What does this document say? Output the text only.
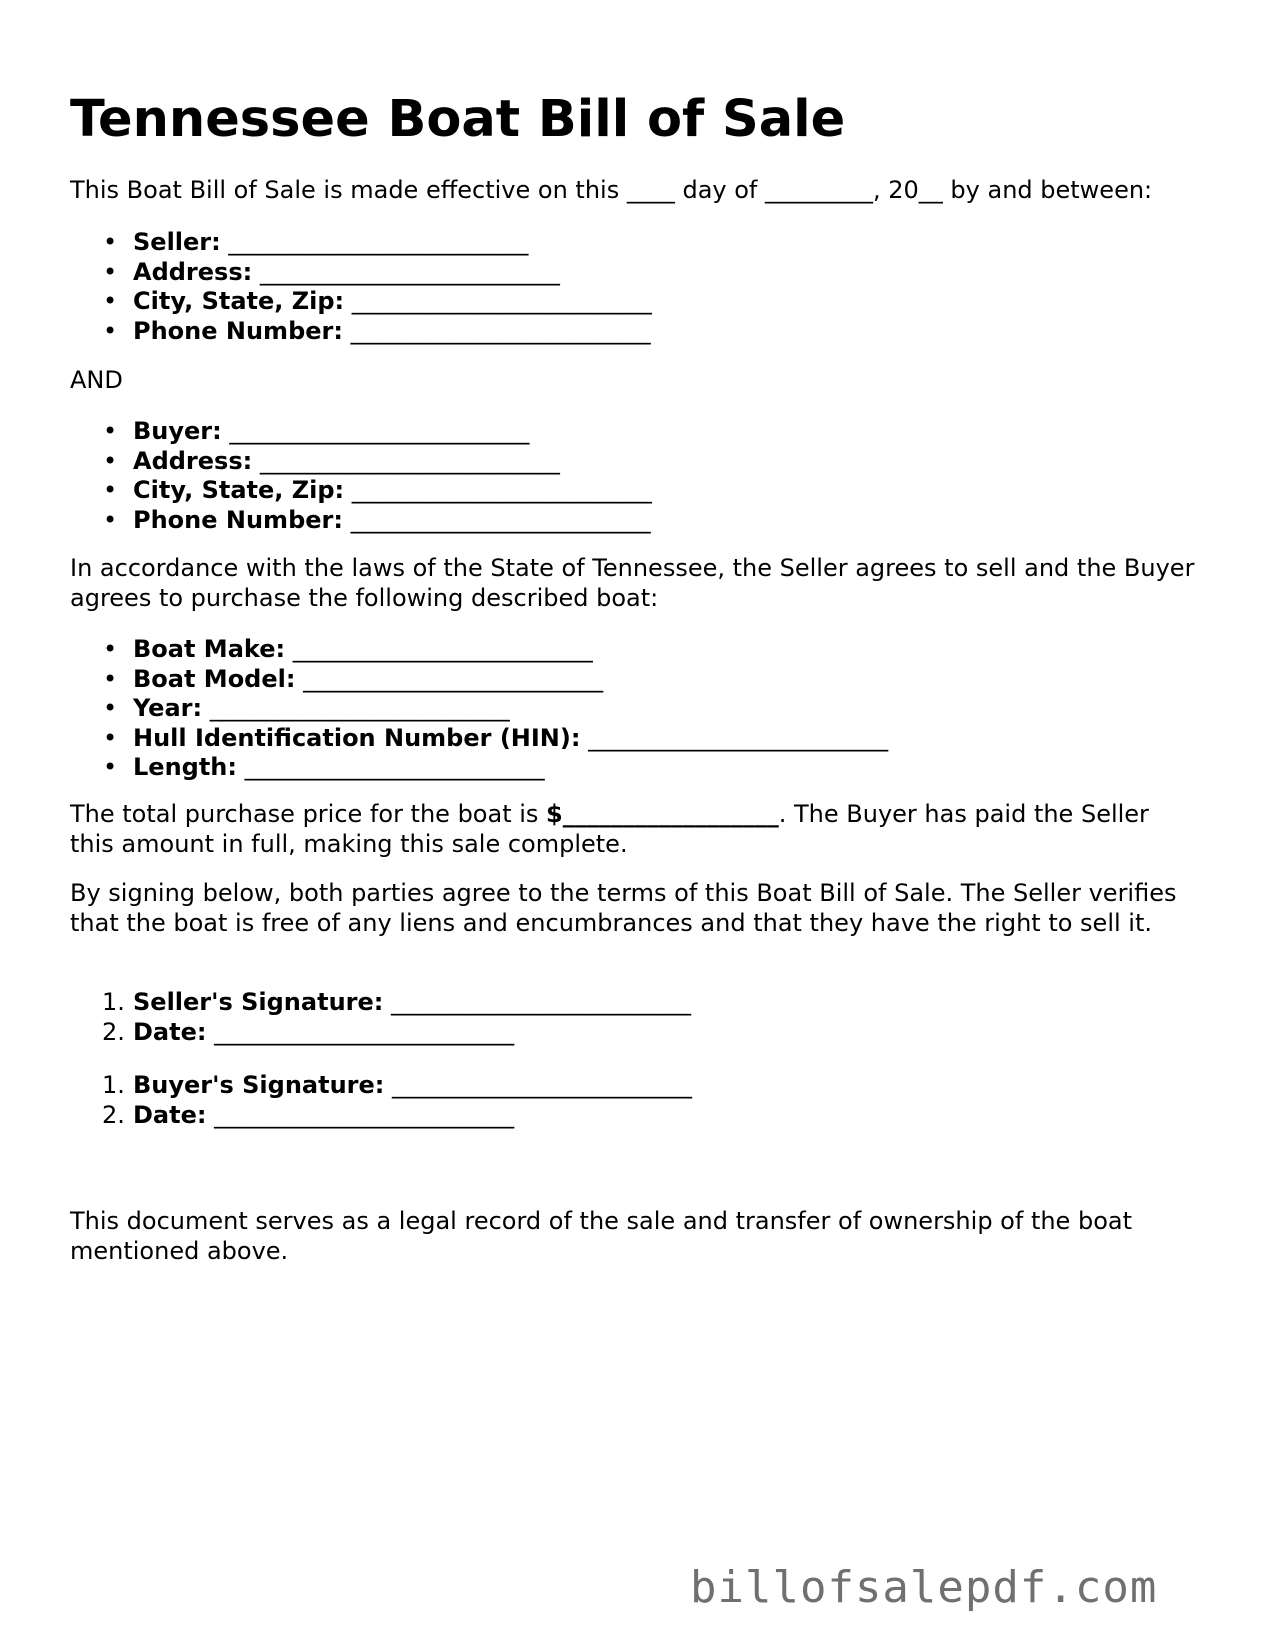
Tennessee Boat Bill of Sale

This Boat Bill of Sale is made effective on this ____ day of _________, 20__ by and between:

• Seller: _________________________
• Address: _________________________
• City, State, Zip: _________________________
• Phone Number: _________________________

AND

• Buyer: _________________________
• Address: _________________________
• City, State, Zip: _________________________
• Phone Number: _________________________

In accordance with the laws of the State of Tennessee, the Seller agrees to sell and the Buyer agrees to purchase the following described boat:

• Boat Make: _________________________
• Boat Model: _________________________
• Year: _________________________
• Hull Identification Number (HIN): _________________________
• Length: _________________________

The total purchase price for the boat is $__________________. The Buyer has paid the Seller this amount in full, making this sale complete.

By signing below, both parties agree to the terms of this Boat Bill of Sale. The Seller verifies that the boat is free of any liens and encumbrances and that they have the right to sell it.

1. Seller's Signature: _________________________
2. Date: _________________________
1. Buyer's Signature: _________________________
2. Date: _________________________

This document serves as a legal record of the sale and transfer of ownership of the boat mentioned above.

billofsalepdf.com
